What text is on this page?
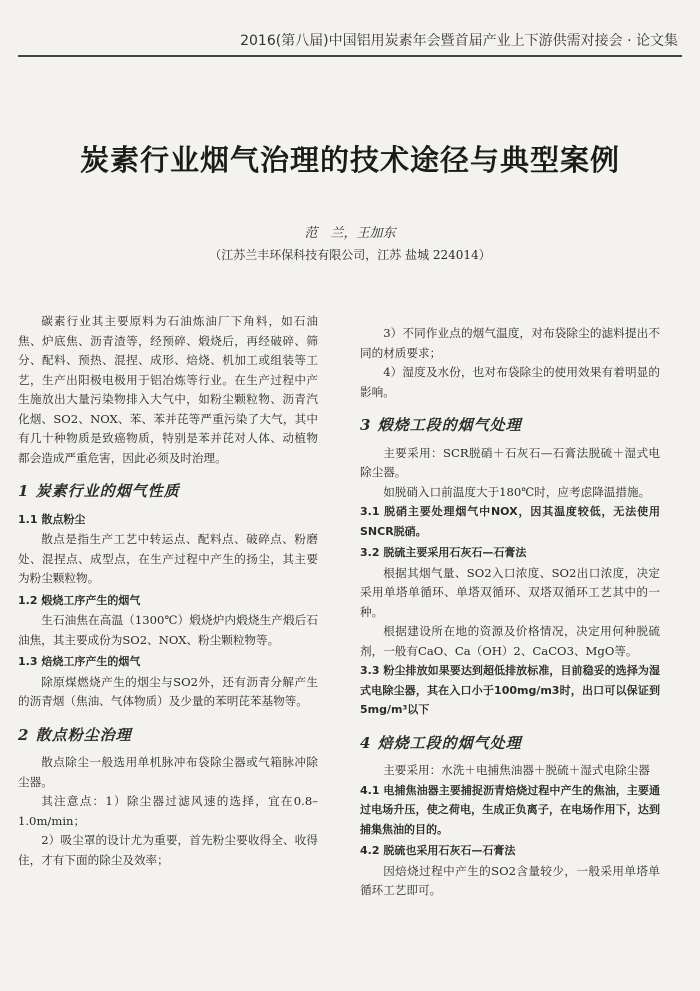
2016(第八届)中国铝用炭素年会暨首届产业上下游供需对接会 · 论文集
炭素行业烟气治理的技术途径与典型案例
范　兰，王加东
（江苏兰丰环保科技有限公司，江苏 盐城 224014）

碳素行业其主要原料为石油炼油厂下角料，如石油焦、炉底焦、沥青渣等，经预碎、煅烧后，再经破碎、筛分、配料、预热、混捏、成形、焙烧、机加工或组装等工艺，生产出阳极电极用于铝冶炼等行业。在生产过程中产生施放出大量污染物排入大气中，如粉尘颗粒物、沥青汽化烟、SO2、NOX、苯、苯并芘等严重污染了大气，其中有几十种物质是致癌物质，特别是苯并芘对人体、动植物都会造成严重危害，因此必须及时治理。

1 炭素行业的烟气性质
1.1 散点粉尘

散点是指生产工艺中转运点、配料点、破碎点、粉磨处、混捏点、成型点，在生产过程中产生的扬尘，其主要为粉尘颗粒物。

1.2 煅烧工序产生的烟气

生石油焦在高温（1300℃）煅烧炉内煅烧生产煅后石油焦，其主要成份为SO2、NOX、粉尘颗粒物等。

1.3 焙烧工序产生的烟气

除原煤燃烧产生的烟尘与SO2外，还有沥青分解产生的沥青烟（焦油、气体物质）及少量的苯明芘苯基物等。

2 散点粉尘治理

散点除尘一般选用单机脉冲布袋除尘器或气箱脉冲除尘器。

其注意点：1）除尘器过滤风速的选择，宜在0.8–1.0m/min；

2）吸尘罩的设计尤为重要，首先粉尘要收得全、收得住，才有下面的除尘及效率；

3）不同作业点的烟气温度，对布袋除尘的滤料提出不同的材质要求；

4）湿度及水份，也对布袋除尘的使用效果有着明显的影响。

3 煅烧工段的烟气处理

主要采用：SCR脱硝＋石灰石—石膏法脱硫＋湿式电除尘器。

如脱硝入口前温度大于180℃时，应考虑降温措施。

3.1 脱硝主要处理烟气中NOX，因其温度较低，无法使用SNCR脱硝。

3.2 脱硫主要采用石灰石—石膏法

根据其烟气量、SO2入口浓度、SO2出口浓度，决定采用单塔单循环、单塔双循环、双塔双循环工艺其中的一种。

根据建设所在地的资源及价格情况，决定用何种脱硫剂，一般有CaO、Ca（OH）2、CaCO3、MgO等。

3.3 粉尘排放如果要达到超低排放标准，目前稳妥的选择为湿式电除尘器，其在入口小于100mg/m3时，出口可以保证到5mg/m³以下

4 焙烧工段的烟气处理

主要采用：水洗＋电捕焦油器＋脱硫＋湿式电除尘器

4.1 电捕焦油器主要捕捉沥青焙烧过程中产生的焦油，主要通过电场升压，使之荷电，生成正负离子，在电场作用下，达到捕集焦油的目的。

4.2 脱硫也采用石灰石—石膏法

因焙烧过程中产生的SO2含量较少，一般采用单塔单循环工艺即可。
